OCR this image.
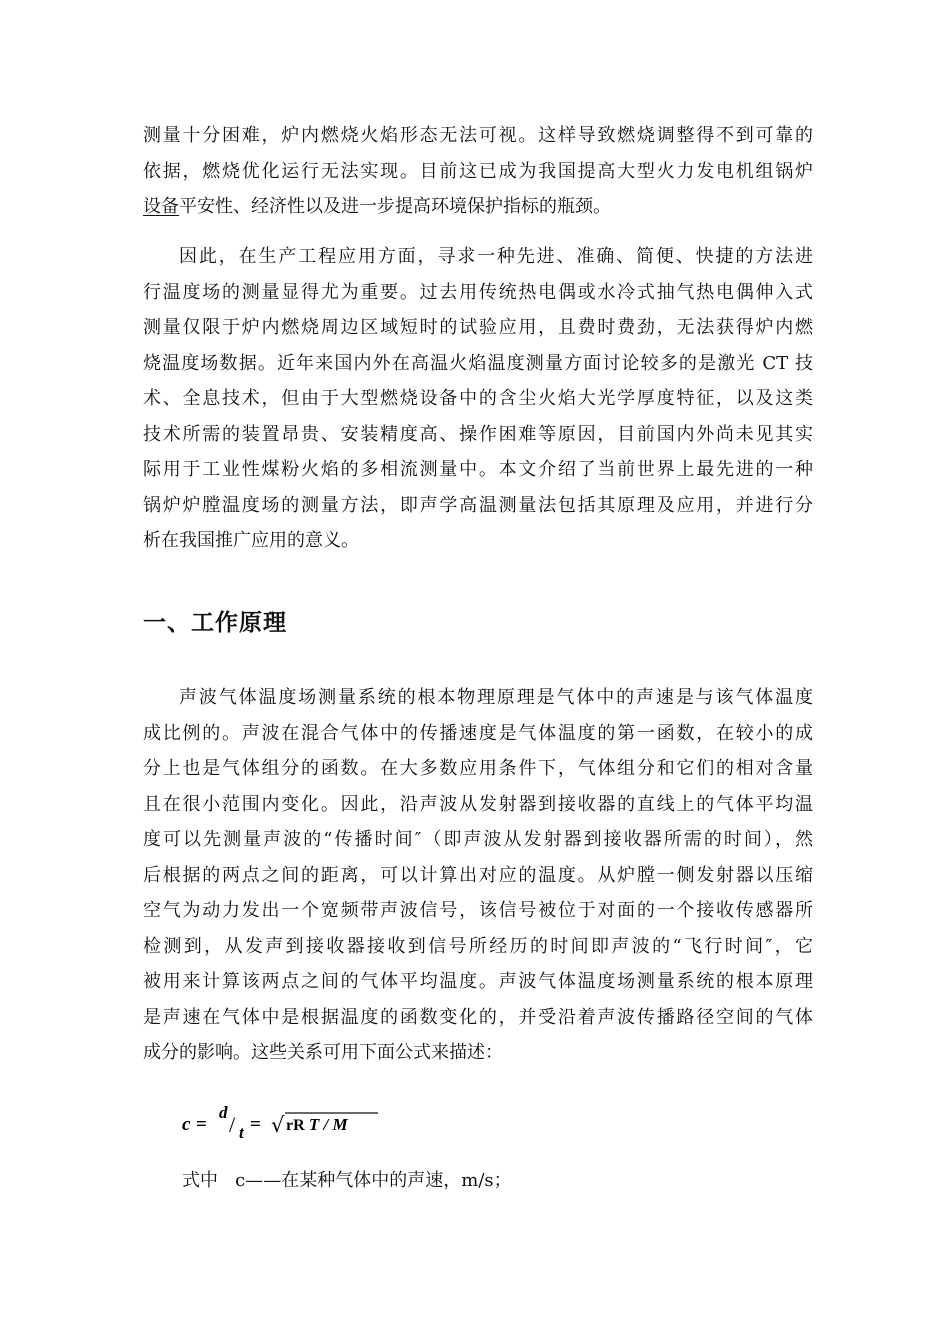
测量十分困难，炉内燃烧火焰形态无法可视。这样导致燃烧调整得不到可靠的
依据，燃烧优化运行无法实现。目前这已成为我国提高大型火力发电机组锅炉
设备平安性、经济性以及进一步提高环境保护指标的瓶颈。

因此，在生产工程应用方面，寻求一种先进、准确、简便、快捷的方法进
行温度场的测量显得尤为重要。过去用传统热电偶或水冷式抽气热电偶伸入式
测量仅限于炉内燃烧周边区域短时的试验应用，且费时费劲，无法获得炉内燃
烧温度场数据。近年来国内外在高温火焰温度测量方面讨论较多的是激光 CT 技
术、全息技术，但由于大型燃烧设备中的含尘火焰大光学厚度特征，以及这类
技术所需的装置昂贵、安装精度高、操作困难等原因，目前国内外尚未见其实
际用于工业性煤粉火焰的多相流测量中。本文介绍了当前世界上最先进的一种
锅炉炉膛温度场的测量方法，即声学高温测量法包括其原理及应用，并进行分
析在我国推广应用的意义。

一、工作原理

声波气体温度场测量系统的根本物理原理是气体中的声速是与该气体温度
成比例的。声波在混合气体中的传播速度是气体温度的第一函数，在较小的成
分上也是气体组分的函数。在大多数应用条件下，气体组分和它们的相对含量
且在很小范围内变化。因此，沿声波从发射器到接收器的直线上的气体平均温
度可以先测量声波的“传播时间″（即声波从发射器到接收器所需的时间），然
后根据的两点之间的距离，可以计算出对应的温度。从炉膛一侧发射器以压缩
空气为动力发出一个宽频带声波信号，该信号被位于对面的一个接收传感器所
检测到，从发声到接收器接收到信号所经历的时间即声波的“飞行时间″，它
被用来计算该两点之间的气体平均温度。声波气体温度场测量系统的根本原理
是声速在气体中是根据温度的函数变化的，并受沿着声波传播路径空间的气体
成分的影响。这些关系可用下面公式来描述：

c =
d / t = √ rR T / M
式中   c——在某种气体中的声速，m/s；
